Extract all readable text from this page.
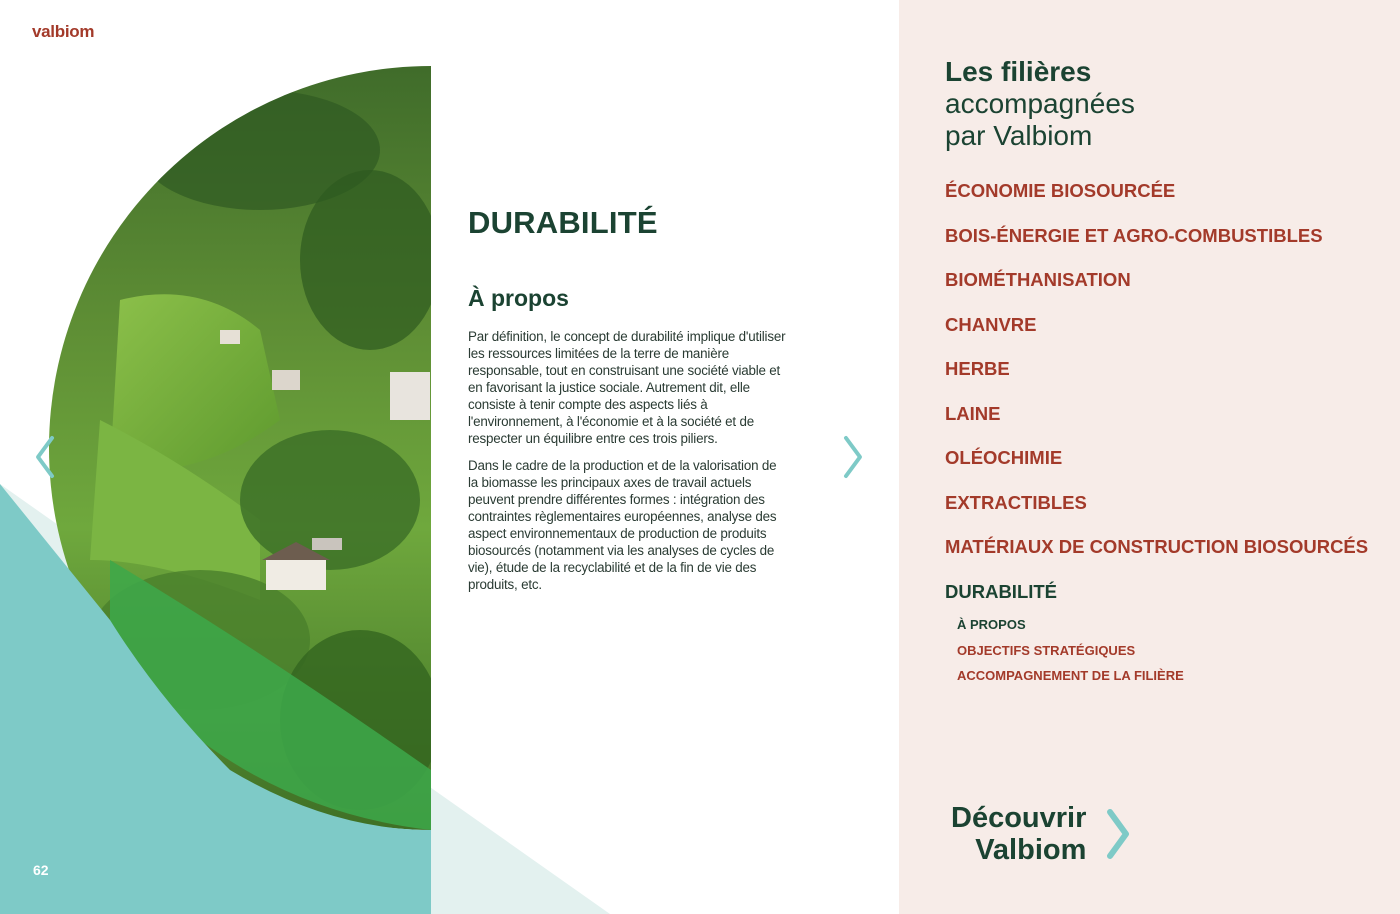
valbiom
62
DURABILITÉ
À propos

Par définition, le concept de durabilité implique d'utiliser les ressources limitées de la terre de manière responsable, tout en construisant une société viable et en favorisant la justice sociale. Autrement dit, elle consiste à tenir compte des aspects liés à l'environnement, à l'économie et à la société et de respecter un équilibre entre ces trois piliers.

Dans le cadre de la production et de la valorisation de la biomasse les principaux axes de travail actuels peuvent prendre différentes formes : intégration des contraintes règlementaires européennes, analyse des aspect environnementaux de production de produits biosourcés (notamment via les analyses de cycles de vie), étude de la recyclabilité et de la fin de vie des produits, etc.

Les filières
accompagnées
par Valbiom
ÉCONOMIE BIOSOURCÉE
BOIS-ÉNERGIE ET AGRO-COMBUSTIBLES
BIOMÉTHANISATION
CHANVRE
HERBE
LAINE
OLÉOCHIMIE
EXTRACTIBLES
MATÉRIAUX DE CONSTRUCTION BIOSOURCÉS
DURABILITÉ
À PROPOS
OBJECTIFS STRATÉGIQUES
ACCOMPAGNEMENT DE LA FILIÈRE
Découvrir
Valbiom
